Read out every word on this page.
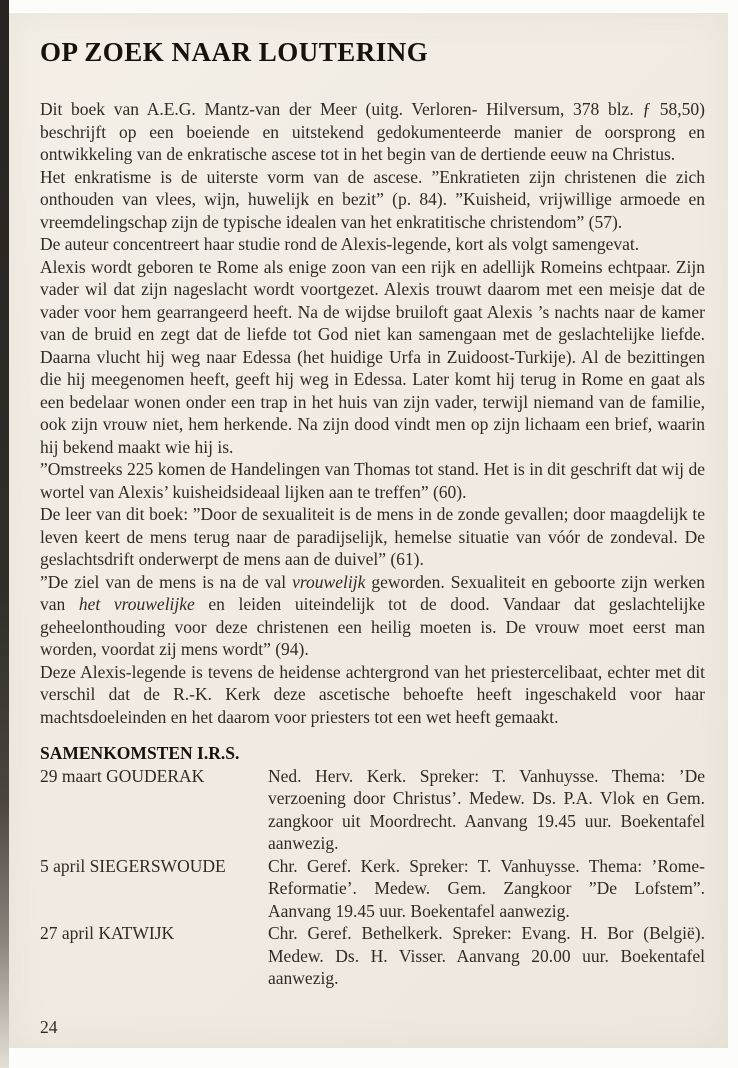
OP ZOEK NAAR LOUTERING

Dit boek van A.E.G. Mantz-van der Meer (uitg. Verloren- Hilversum, 378 blz. ƒ 58,50) beschrijft op een boeiende en uitstekend gedokumenteerde manier de oorsprong en ontwikkeling van de enkratische ascese tot in het begin van de dertiende eeuw na Christus.

Het enkratisme is de uiterste vorm van de ascese. ”Enkratieten zijn christenen die zich onthouden van vlees, wijn, huwelijk en bezit” (p. 84). ”Kuisheid, vrijwillige armoede en vreemdelingschap zijn de typische idealen van het enkratitische christendom” (57).

De auteur concentreert haar studie rond de Alexis-legende, kort als volgt samengevat.

Alexis wordt geboren te Rome als enige zoon van een rijk en adellijk Romeins echtpaar. Zijn vader wil dat zijn nageslacht wordt voortgezet. Alexis trouwt daarom met een meisje dat de vader voor hem gearrangeerd heeft. Na de wijdse bruiloft gaat Alexis ’s nachts naar de kamer van de bruid en zegt dat de liefde tot God niet kan samengaan met de geslachtelijke liefde. Daarna vlucht hij weg naar Edessa (het huidige Urfa in Zuidoost-Turkije). Al de bezittingen die hij meegenomen heeft, geeft hij weg in Edessa. Later komt hij terug in Rome en gaat als een bedelaar wonen onder een trap in het huis van zijn vader, terwijl niemand van de familie, ook zijn vrouw niet, hem herkende. Na zijn dood vindt men op zijn lichaam een brief, waarin hij bekend maakt wie hij is.

”Omstreeks 225 komen de Handelingen van Thomas tot stand. Het is in dit geschrift dat wij de wortel van Alexis’ kuisheidsideaal lijken aan te treffen” (60).

De leer van dit boek: ”Door de sexualiteit is de mens in de zonde gevallen; door maagdelijk te leven keert de mens terug naar de paradijselijk, hemelse situatie van vóór de zondeval. De geslachtsdrift onderwerpt de mens aan de duivel” (61).

”De ziel van de mens is na de val vrouwelijk geworden. Sexualiteit en geboorte zijn werken van het vrouwelijke en leiden uiteindelijk tot de dood. Vandaar dat geslachtelijke geheelonthouding voor deze christenen een heilig moeten is. De vrouw moet eerst man worden, voordat zij mens wordt” (94).

Deze Alexis-legende is tevens de heidense achtergrond van het priestercelibaat, echter met dit verschil dat de R.-K. Kerk deze ascetische behoefte heeft ingeschakeld voor haar machtsdoeleinden en het daarom voor priesters tot een wet heeft gemaakt.

SAMENKOMSTEN I.R.S.

29 maart GOUDERAK	Ned. Herv. Kerk. Spreker: T. Vanhuysse. Thema: ’De verzoening door Christus’. Medew. Ds. P.A. Vlok en Gem. zangkoor uit Moordrecht. Aanvang 19.45 uur. Boekentafel aanwezig.
5 april SIEGERSWOUDE	Chr. Geref. Kerk. Spreker: T. Vanhuysse. Thema: ’Rome-Reformatie’. Medew. Gem. Zangkoor ”De Lofstem”. Aanvang 19.45 uur. Boekentafel aanwezig.
27 april KATWIJK	Chr. Geref. Bethelkerk. Spreker: Evang. H. Bor (België). Medew. Ds. H. Visser. Aanvang 20.00 uur. Boekentafel aanwezig.
24
